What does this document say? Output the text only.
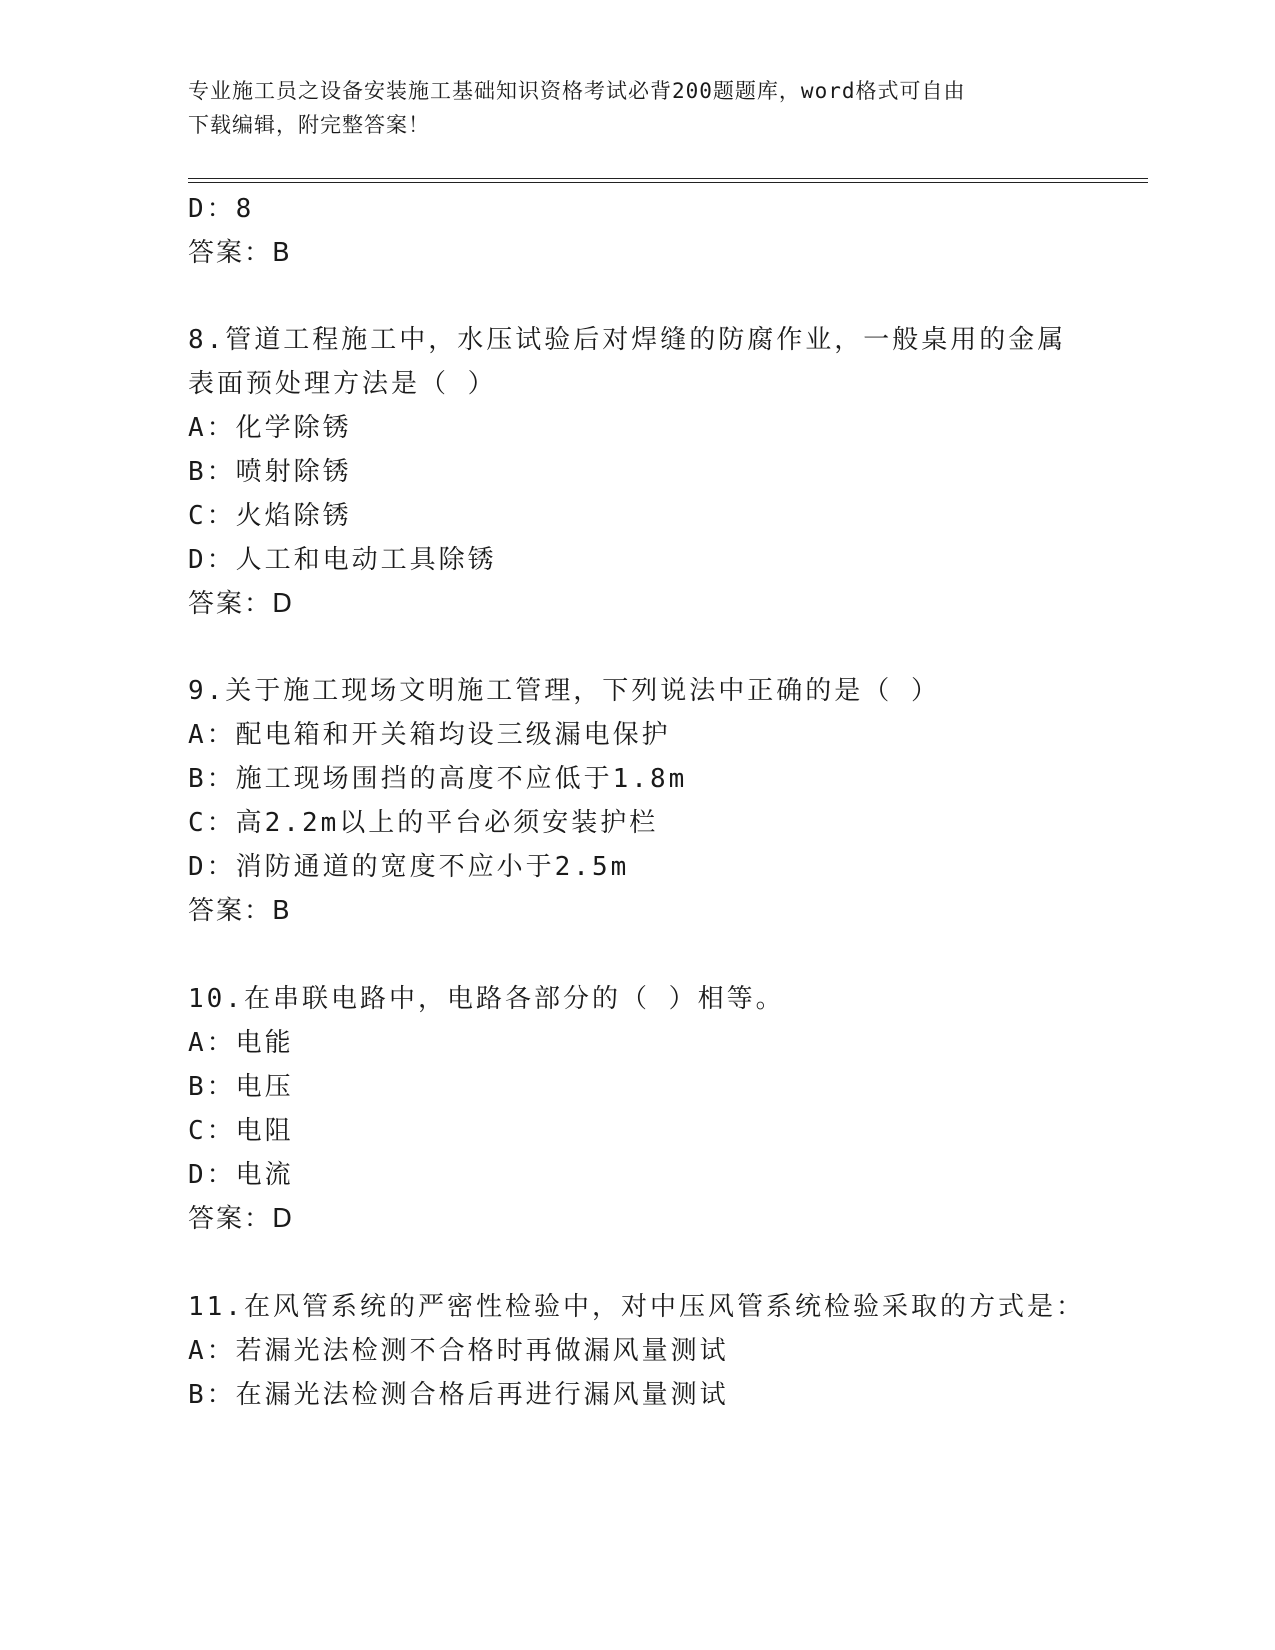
专业施工员之设备安装施工基础知识资格考试必背200题题库，word格式可自由
下载编辑，附完整答案！
D：8
答案：B
8.管道工程施工中，水压试验后对焊缝的防腐作业，一般桌用的金属
表面预处理方法是（ ）
A：化学除锈
B：喷射除锈
C：火焰除锈
D：人工和电动工具除锈
答案：D
9.关于施工现场文明施工管理，下列说法中正确的是（ ）
A：配电箱和开关箱均设三级漏电保护
B：施工现场围挡的高度不应低于1.8m
C：高2.2m以上的平台必须安装护栏
D：消防通道的宽度不应小于2.5m
答案：B
10.在串联电路中，电路各部分的（ ）相等。
A：电能
B：电压
C：电阻
D：电流
答案：D
11.在风管系统的严密性检验中，对中压风管系统检验采取的方式是：
A：若漏光法检测不合格时再做漏风量测试
B：在漏光法检测合格后再进行漏风量测试
